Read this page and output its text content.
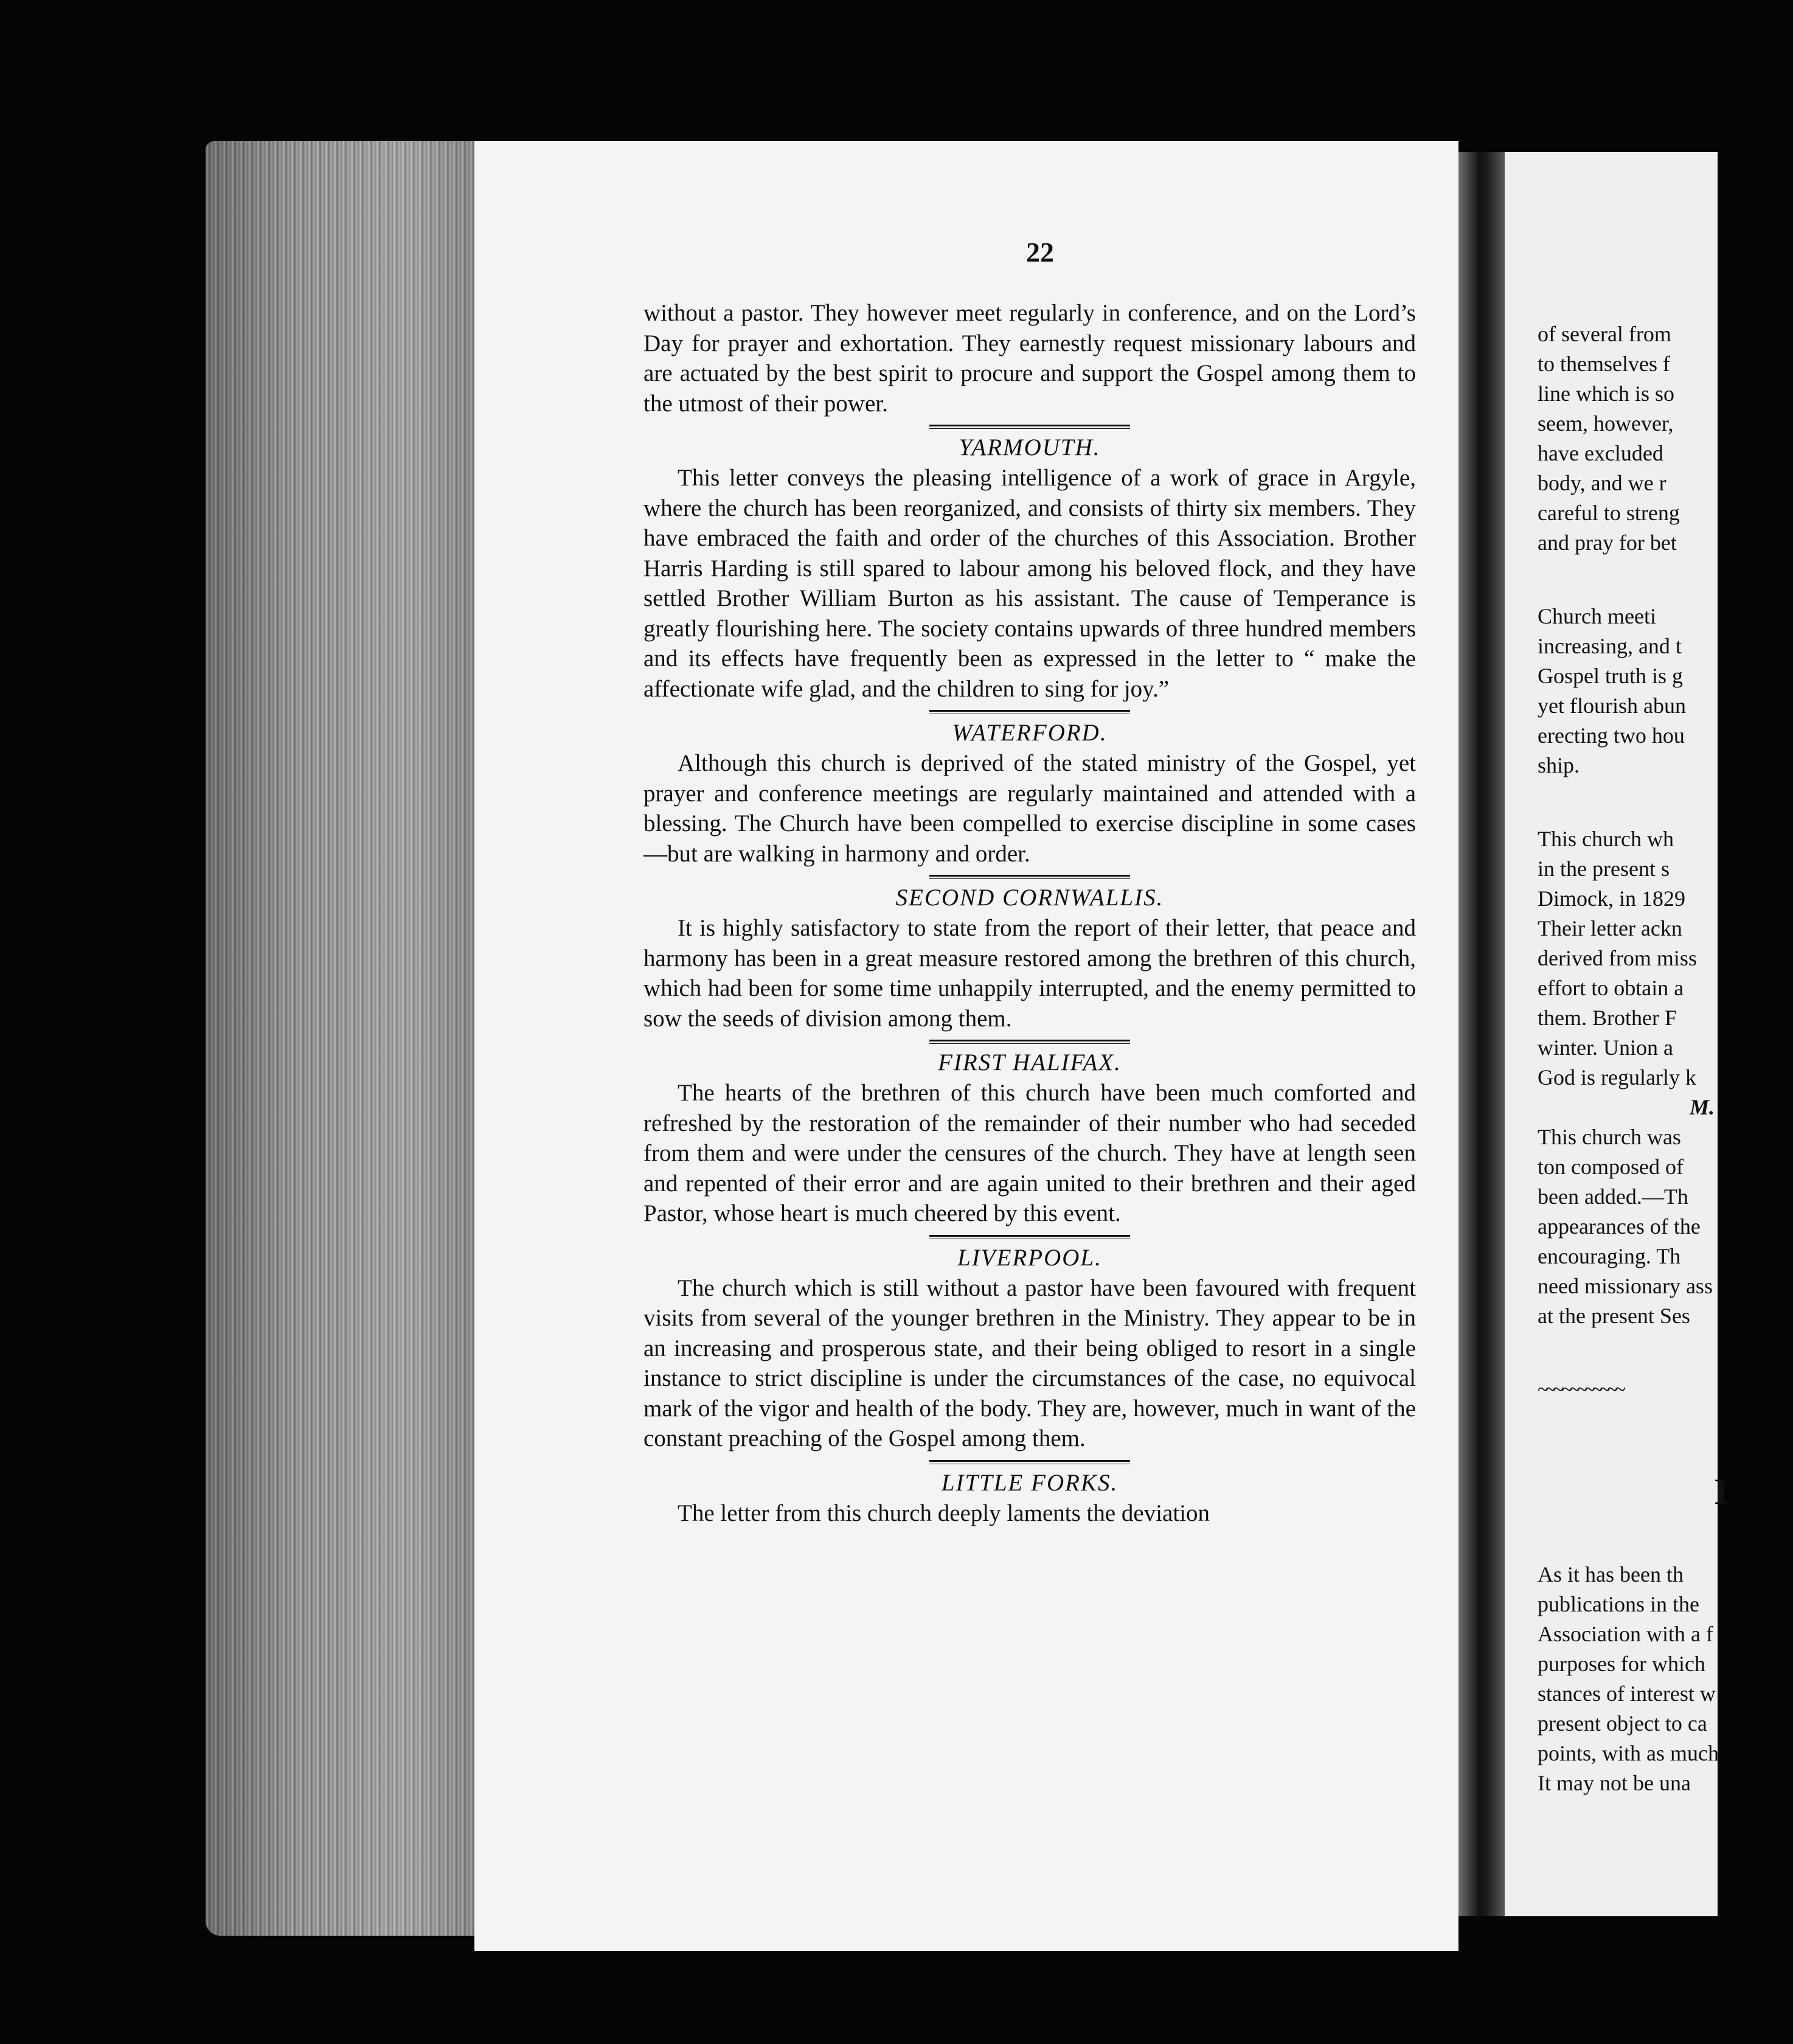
22

without a pastor. They however meet regularly in conference, and on the Lord’s Day for prayer and exhortation. They earnestly request missionary labours and are actuated by the best spirit to procure and support the Gospel among them to the utmost of their power.

YARMOUTH.

This letter conveys the pleasing intelligence of a work of grace in Argyle, where the church has been reorganized, and consists of thirty six members. They have embraced the faith and order of the churches of this Association. Brother Harris Harding is still spared to labour among his beloved flock, and they have settled Brother William Burton as his assistant. The cause of Temperance is greatly flourishing here. The society contains upwards of three hundred members and its effects have frequently been as expressed in the letter to “ make the affectionate wife glad, and the children to sing for joy.”

WATERFORD.

Although this church is deprived of the stated ministry of the Gospel, yet prayer and conference meetings are regularly maintained and attended with a blessing. The Church have been compelled to exercise discipline in some cases—but are walking in harmony and order.

SECOND CORNWALLIS.

It is highly satisfactory to state from the report of their letter, that peace and harmony has been in a great measure restored among the brethren of this church, which had been for some time unhappily interrupted, and the enemy permitted to sow the seeds of division among them.

FIRST HALIFAX.

The hearts of the brethren of this church have been much comforted and refreshed by the restoration of the remainder of their number who had seceded from them and were under the censures of the church. They have at length seen and repented of their error and are again united to their brethren and their aged Pastor, whose heart is much cheered by this event.

LIVERPOOL.

The church which is still without a pastor have been favoured with frequent visits from several of the younger brethren in the Ministry. They appear to be in an increasing and prosperous state, and their being obliged to resort in a single instance to strict discipline is under the circumstances of the case, no equivocal mark of the vigor and health of the body. They are, however, much in want of the constant preaching of the Gospel among them.

LITTLE FORKS.

The letter from this church deeply laments the deviation

of several from
to themselves f
line which is so
seem, however,
have excluded
body, and we r
careful to streng
and pray for bet
Church meeti
increasing, and t
Gospel truth is g
yet flourish abun
erecting two hou
ship.
This church wh
in the present s
Dimock, in 1829
Their letter ackn
derived from miss
effort to obtain a
them. Brother F
winter. Union a
God is regularly k
M.
This church was
ton composed of
been added.—Th
appearances of the
encouraging. Th
need missionary ass
at the present Ses
~~~ ~~~~~~~~
I
As it has been th
publications in the
Association with a f
purposes for which
stances of interest w
present object to ca
points, with as much
It may not be una
